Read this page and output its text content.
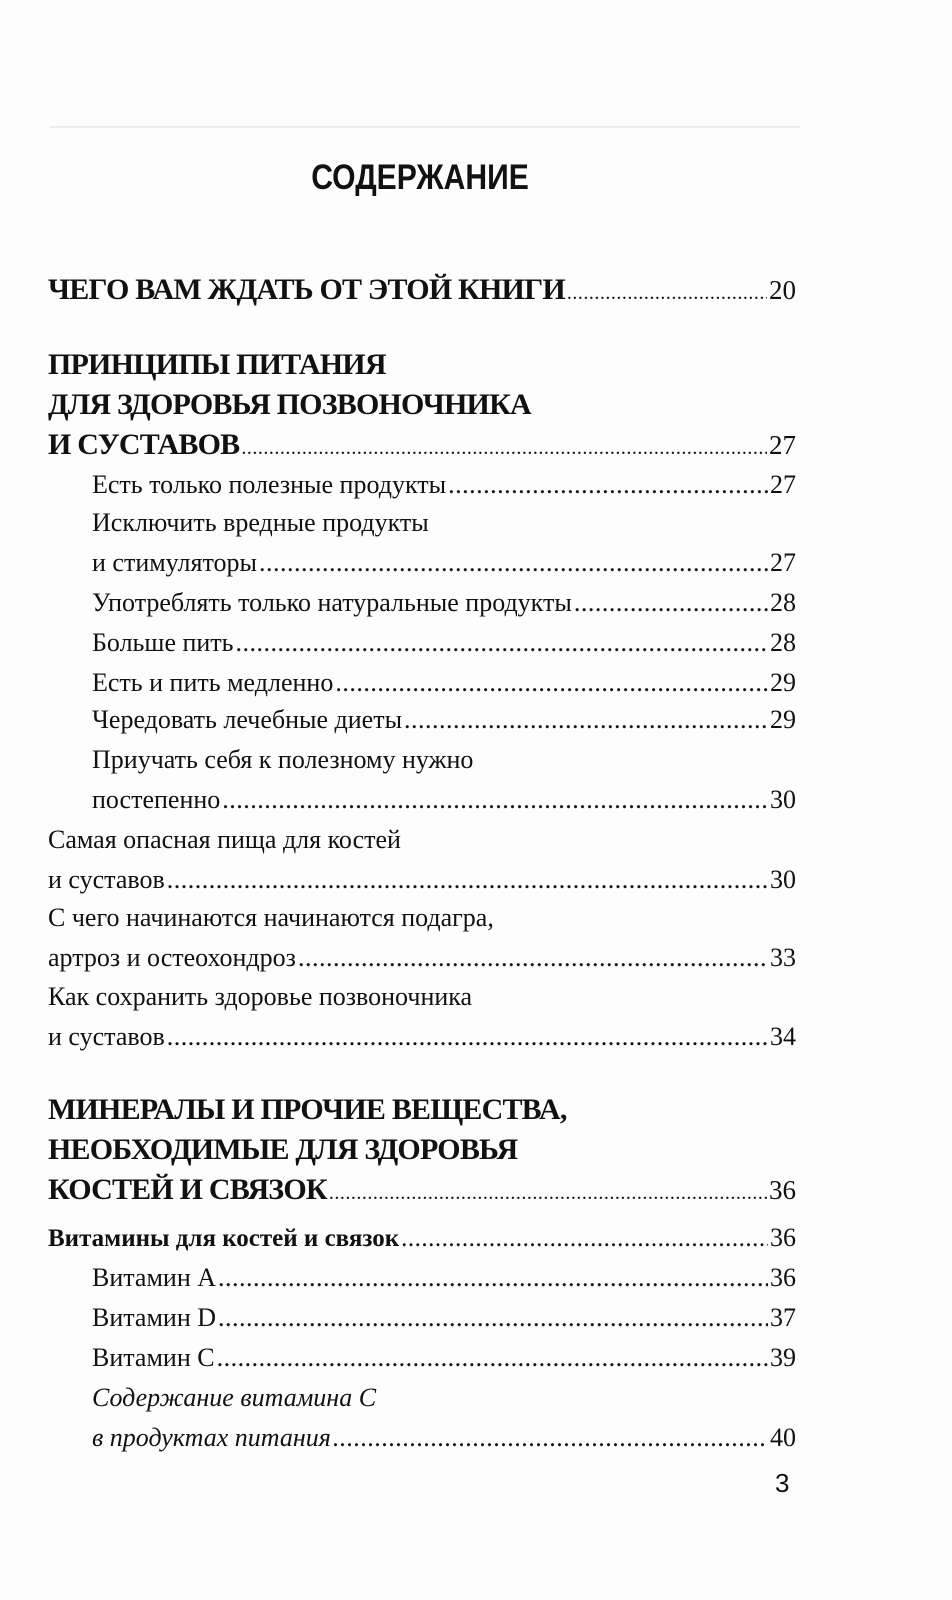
СОДЕРЖАНИЕ
ЧЕГО ВАМ ЖДАТЬ ОТ ЭТОЙ КНИГИ .....	20
ПРИНЦИПЫ ПИТАНИЯ
ДЛЯ ЗДОРОВЬЯ ПОЗВОНОЧНИКА
И СУСТАВОВ .....	27
Есть только полезные продукты .....	27
Исключить вредные продукты
и стимуляторы .....	27
Употреблять только натуральные продукты .....	28
Больше пить .....	28
Есть и пить медленно .....	29
Чередовать лечебные диеты .....	29
Приучать себя к полезному нужно
постепенно .....	30
Самая опасная пища для костей
и суставов .....	30
С чего начинаются начинаются подагра,
артроз и остеохондроз .....	33
Как сохранить здоровье позвоночника
и суставов .....	34
МИНЕРАЛЫ И ПРОЧИЕ ВЕЩЕСТВА,
НЕОБХОДИМЫЕ ДЛЯ ЗДОРОВЬЯ
КОСТЕЙ И СВЯЗОК .....	36
Витамины для костей и связок .....	36
Витамин А .....	36
Витамин D .....	37
Витамин С .....	39
Содержание витамина С
в продуктах питания .....	40
3
